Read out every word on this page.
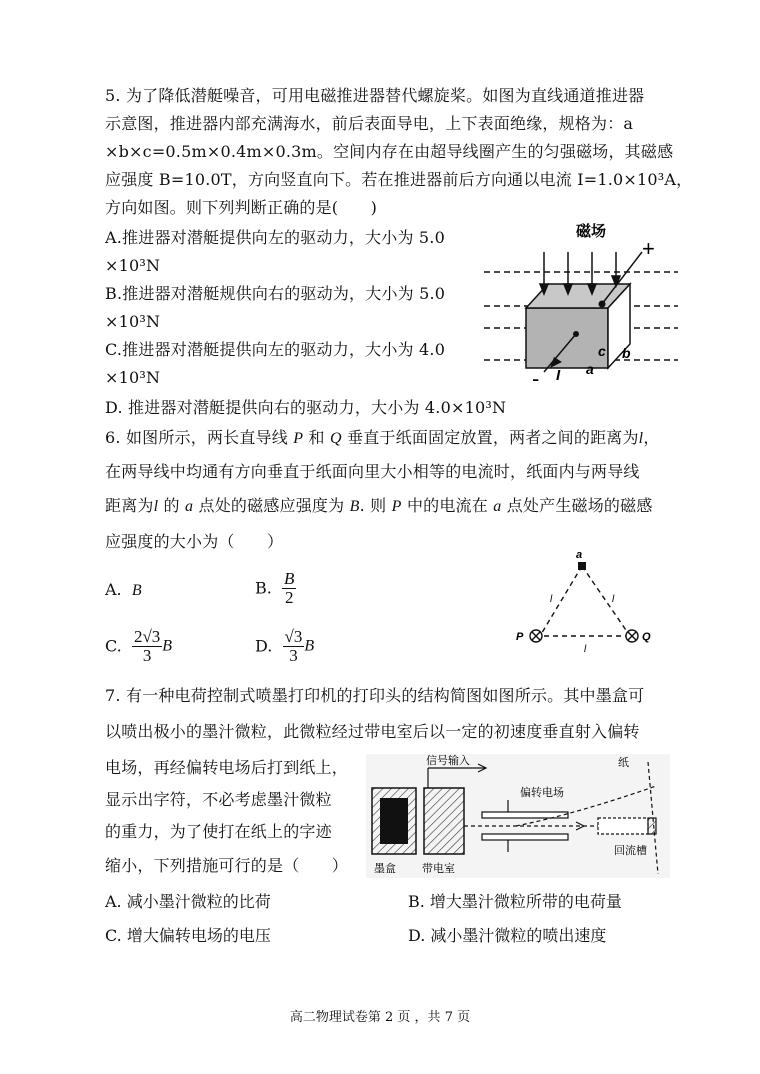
5. 为了降低潜艇噪音，可用电磁推进器替代螺旋桨。如图为直线通道推进器
示意图，推进器内部充满海水，前后表面导电，上下表面绝缘，规格为：a
×b×c=0.5m×0.4m×0.3m。空间内存在由超导线圈产生的匀强磁场，其磁感
应强度 B=10.0T，方向竖直向下。若在推进器前后方向通以电流 I=1.0×10³A，
方向如图。则下列判断正确的是(　　)
A.推进器对潜艇提供向左的驱动力，大小为 5.0
×10³N
B.推进器对潜艇规供向右的驱动为，大小为 5.0
×10³N
C.推进器对潜艇提供向左的驱动力，大小为 4.0
×10³N
D. 推进器对潜艇提供向右的驱动力，大小为 4.0×10³N
磁场
+
- I
c b
a
6. 如图所示，两长直导线 P 和 Q 垂直于纸面固定放置，两者之间的距离为l，
在两导线中均通有方向垂直于纸面向里大小相等的电流时，纸面内与两导线
距离为l 的 a 点处的磁感应强度为 B. 则 P 中的电流在 a 点处产生磁场的磁感
应强度的大小为（　　）
A. B	B. $\frac{B}{2}$
C. $\frac{2√3}{3}$ B	D. $\frac{√3}{3}$ B
a
P	Q
l	l
l
7. 有一种电荷控制式喷墨打印机的打印头的结构简图如图所示。其中墨盒可
以喷出极小的墨汁微粒，此微粒经过带电室后以一定的初速度垂直射入偏转
电场，再经偏转电场后打到纸上，
显示出字符，不必考虑墨汁微粒
的重力，为了使打在纸上的字迹
缩小，下列措施可行的是（　　）
信号输入
偏转电场
纸
墨盒 带电室
回流槽
A. 减小墨汁微粒的比荷	B. 增大墨汁微粒所带的电荷量
C. 增大偏转电场的电压	D. 减小墨汁微粒的喷出速度
高二物理试卷第 2 页 ，共 7 页
